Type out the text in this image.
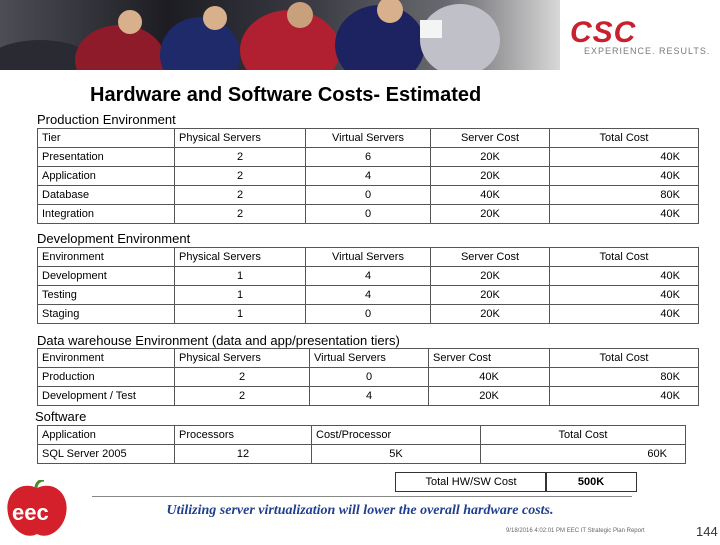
CSC
EXPERIENCE. RESULTS.
Hardware and Software Costs- Estimated
Production Environment
Tier	Physical Servers	Virtual Servers	Server Cost	Total Cost
Presentation	2	6	20K	40K
Application	2	4	20K	40K
Database	2	0	40K	80K
Integration	2	0	20K	40K
Development Environment
Environment	Physical Servers	Virtual Servers	Server Cost	Total Cost
Development	1	4	20K	40K
Testing	1	4	20K	40K
Staging	1	0	20K	40K
Data warehouse Environment (data and app/presentation tiers)
Environment	Physical Servers	Virtual Servers	Server Cost	Total Cost
Production	2	0	40K	80K
Development / Test	2	4	20K	40K
Software
Application	Processors	Cost/Processor	Total Cost
SQL Server 2005	12	5K	60K
Total HW/SW Cost	500K
eec	Utilizing server virtualization will lower the overall hardware costs.
9/18/2016 4:02:01 PM EEC IT Strategic Plan Report	144
